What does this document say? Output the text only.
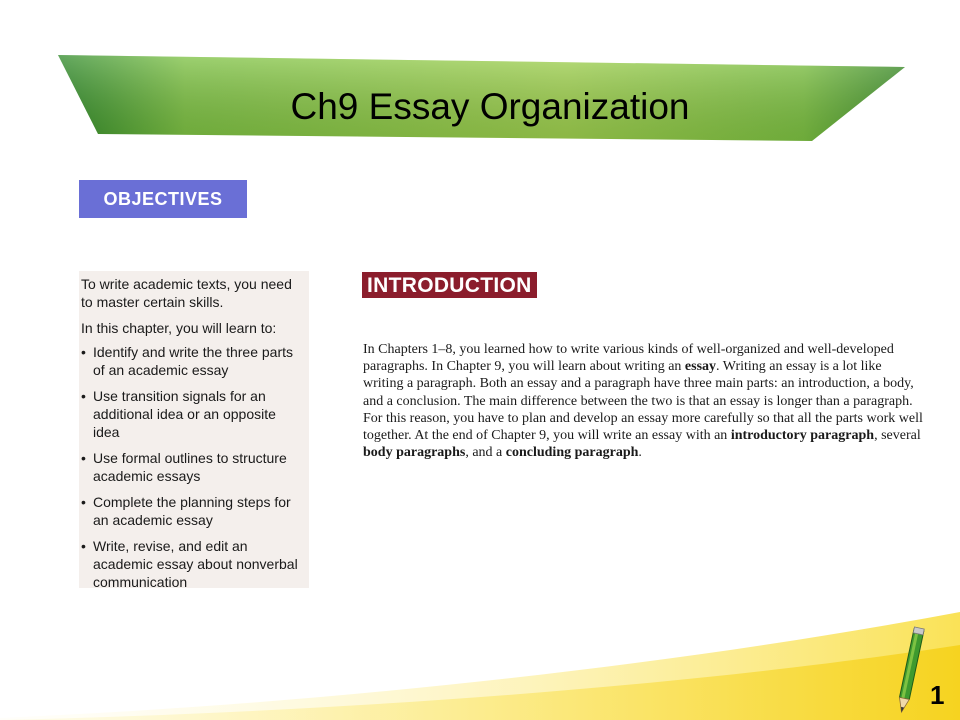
Ch9 Essay Organization
OBJECTIVES

To write academic texts, you need to master certain skills.

In this chapter, you will learn to:

• Identify and write the three parts of an academic essay
• Use transition signals for an additional idea or an opposite idea
• Use formal outlines to structure academic essays
• Complete the planning steps for an academic essay
• Write, revise, and edit an academic essay about nonverbal communication
INTRODUCTION

In Chapters 1–8, you learned how to write various kinds of well-organized and well-developed paragraphs. In Chapter 9, you will learn about writing an essay. Writing an essay is a lot like writing a paragraph. Both an essay and a paragraph have three main parts: an introduction, a body, and a conclusion. The main difference between the two is that an essay is longer than a paragraph. For this reason, you have to plan and develop an essay more carefully so that all the parts work well together. At the end of Chapter 9, you will write an essay with an introductory paragraph, several body paragraphs, and a concluding paragraph.

1
